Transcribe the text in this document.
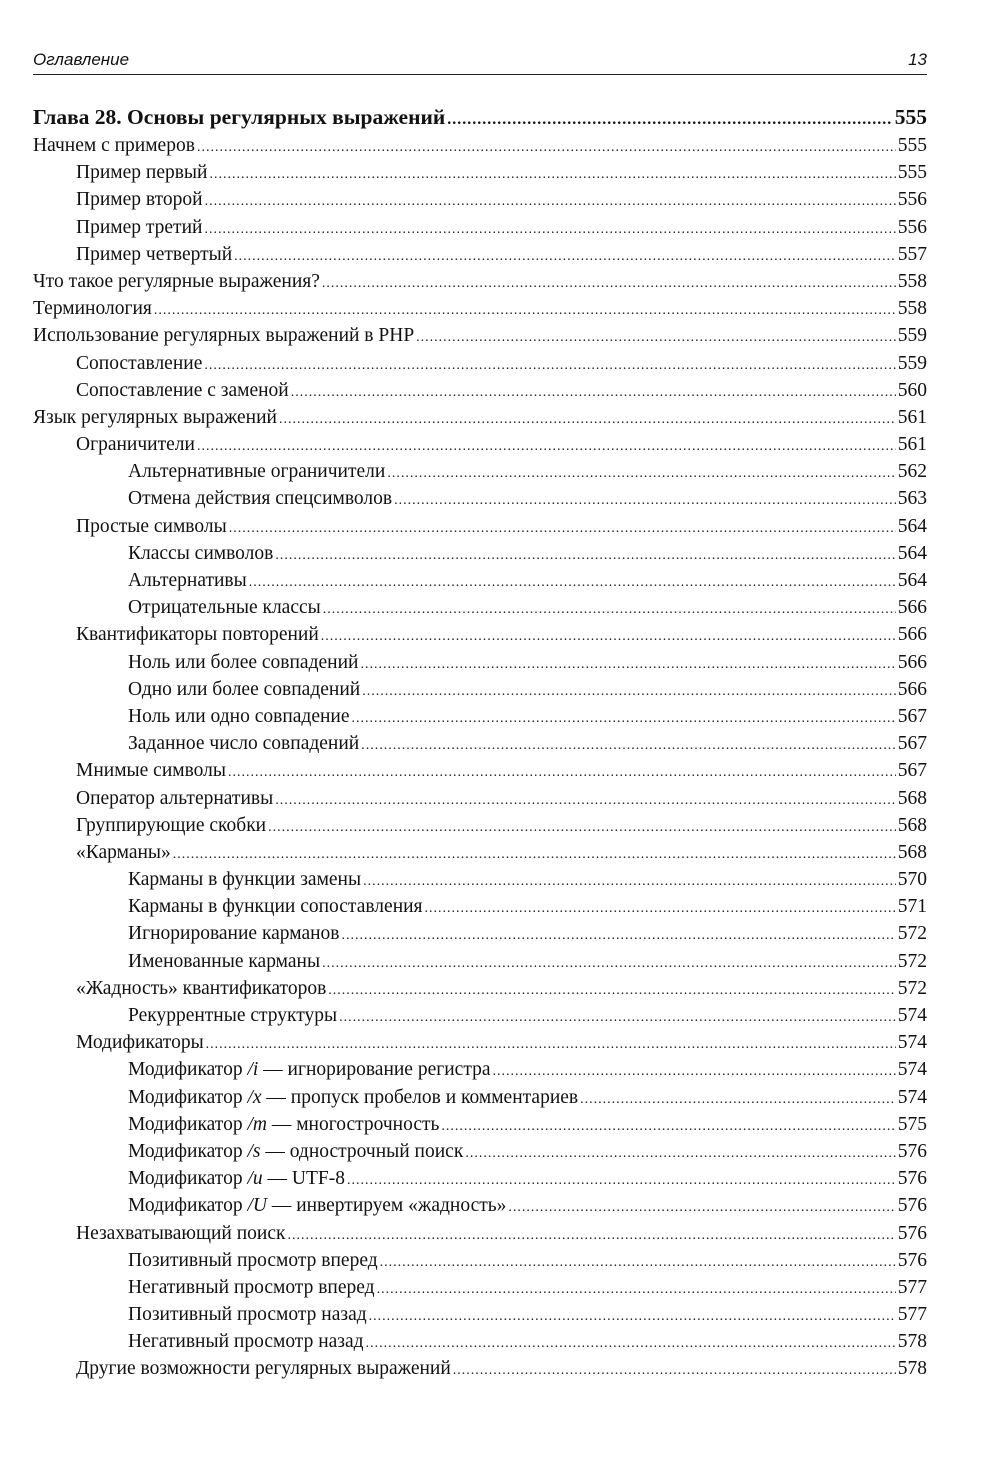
Оглавление	13
Глава 28. Основы регулярных выражений .....	555
Начнем с примеров .....	555
Пример первый .....	555
Пример второй .....	556
Пример третий .....	556
Пример четвертый .....	557
Что такое регулярные выражения? .....	558
Терминология .....	558
Использование регулярных выражений в PHP .....	559
Сопоставление .....	559
Сопоставление с заменой .....	560
Язык регулярных выражений .....	561
Ограничители .....	561
Альтернативные ограничители .....	562
Отмена действия спецсимволов .....	563
Простые символы .....	564
Классы символов .....	564
Альтернативы .....	564
Отрицательные классы .....	566
Квантификаторы повторений .....	566
Ноль или более совпадений .....	566
Одно или более совпадений .....	566
Ноль или одно совпадение .....	567
Заданное число совпадений .....	567
Мнимые символы .....	567
Оператор альтернативы .....	568
Группирующие скобки .....	568
«Карманы» .....	568
Карманы в функции замены .....	570
Карманы в функции сопоставления .....	571
Игнорирование карманов .....	572
Именованные карманы .....	572
«Жадность» квантификаторов .....	572
Рекуррентные структуры .....	574
Модификаторы .....	574
Модификатор /i — игнорирование регистра .....	574
Модификатор /x — пропуск пробелов и комментариев .....	574
Модификатор /m — многострочность .....	575
Модификатор /s — однострочный поиск .....	576
Модификатор /u — UTF-8 .....	576
Модификатор /U — инвертируем «жадность» .....	576
Незахватывающий поиск .....	576
Позитивный просмотр вперед .....	576
Негативный просмотр вперед .....	577
Позитивный просмотр назад .....	577
Негативный просмотр назад .....	578
Другие возможности регулярных выражений .....	578
